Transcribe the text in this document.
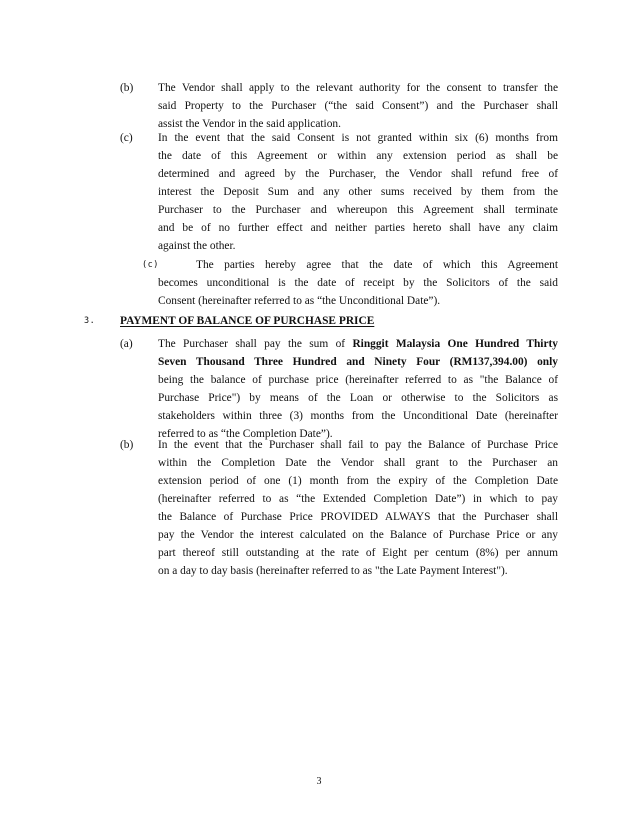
(b) The Vendor shall apply to the relevant authority for the consent to transfer the
said Property to the Purchaser (“the said Consent”) and the Purchaser shall
assist the Vendor in the said application.
(c) In the event that the said Consent is not granted within six (6) months from
the date of this Agreement or within any extension period as shall be
determined and agreed by the Purchaser, the Vendor shall refund free of
interest the Deposit Sum and any other sums received by them from the
Purchaser to the Purchaser and whereupon this Agreement shall terminate
and be of no further effect and neither parties hereto shall have any claim
against the other.
(c)	The parties hereby agree that the date of which this Agreement
becomes unconditional is the date of receipt by the Solicitors of the said
Consent (hereinafter referred to as “the Unconditional Date”).
3. PAYMENT OF BALANCE OF PURCHASE PRICE
(a) The Purchaser shall pay the sum of Ringgit Malaysia One Hundred Thirty
Seven Thousand Three Hundred and Ninety Four (RM137,394.00) only
being the balance of purchase price (hereinafter referred to as "the Balance of
Purchase Price") by means of the Loan or otherwise to the Solicitors as
stakeholders within three (3) months from the Unconditional Date (hereinafter
referred to as “the Completion Date”).
(b) In the event that the Purchaser shall fail to pay the Balance of Purchase Price
within the Completion Date the Vendor shall grant to the Purchaser an
extension period of one (1) month from the expiry of the Completion Date
(hereinafter referred to as “the Extended Completion Date”) in which to pay
the Balance of Purchase Price PROVIDED ALWAYS that the Purchaser shall
pay the Vendor the interest calculated on the Balance of Purchase Price or any
part thereof still outstanding at the rate of Eight per centum (8%) per annum
on a day to day basis (hereinafter referred to as "the Late Payment Interest").
3
